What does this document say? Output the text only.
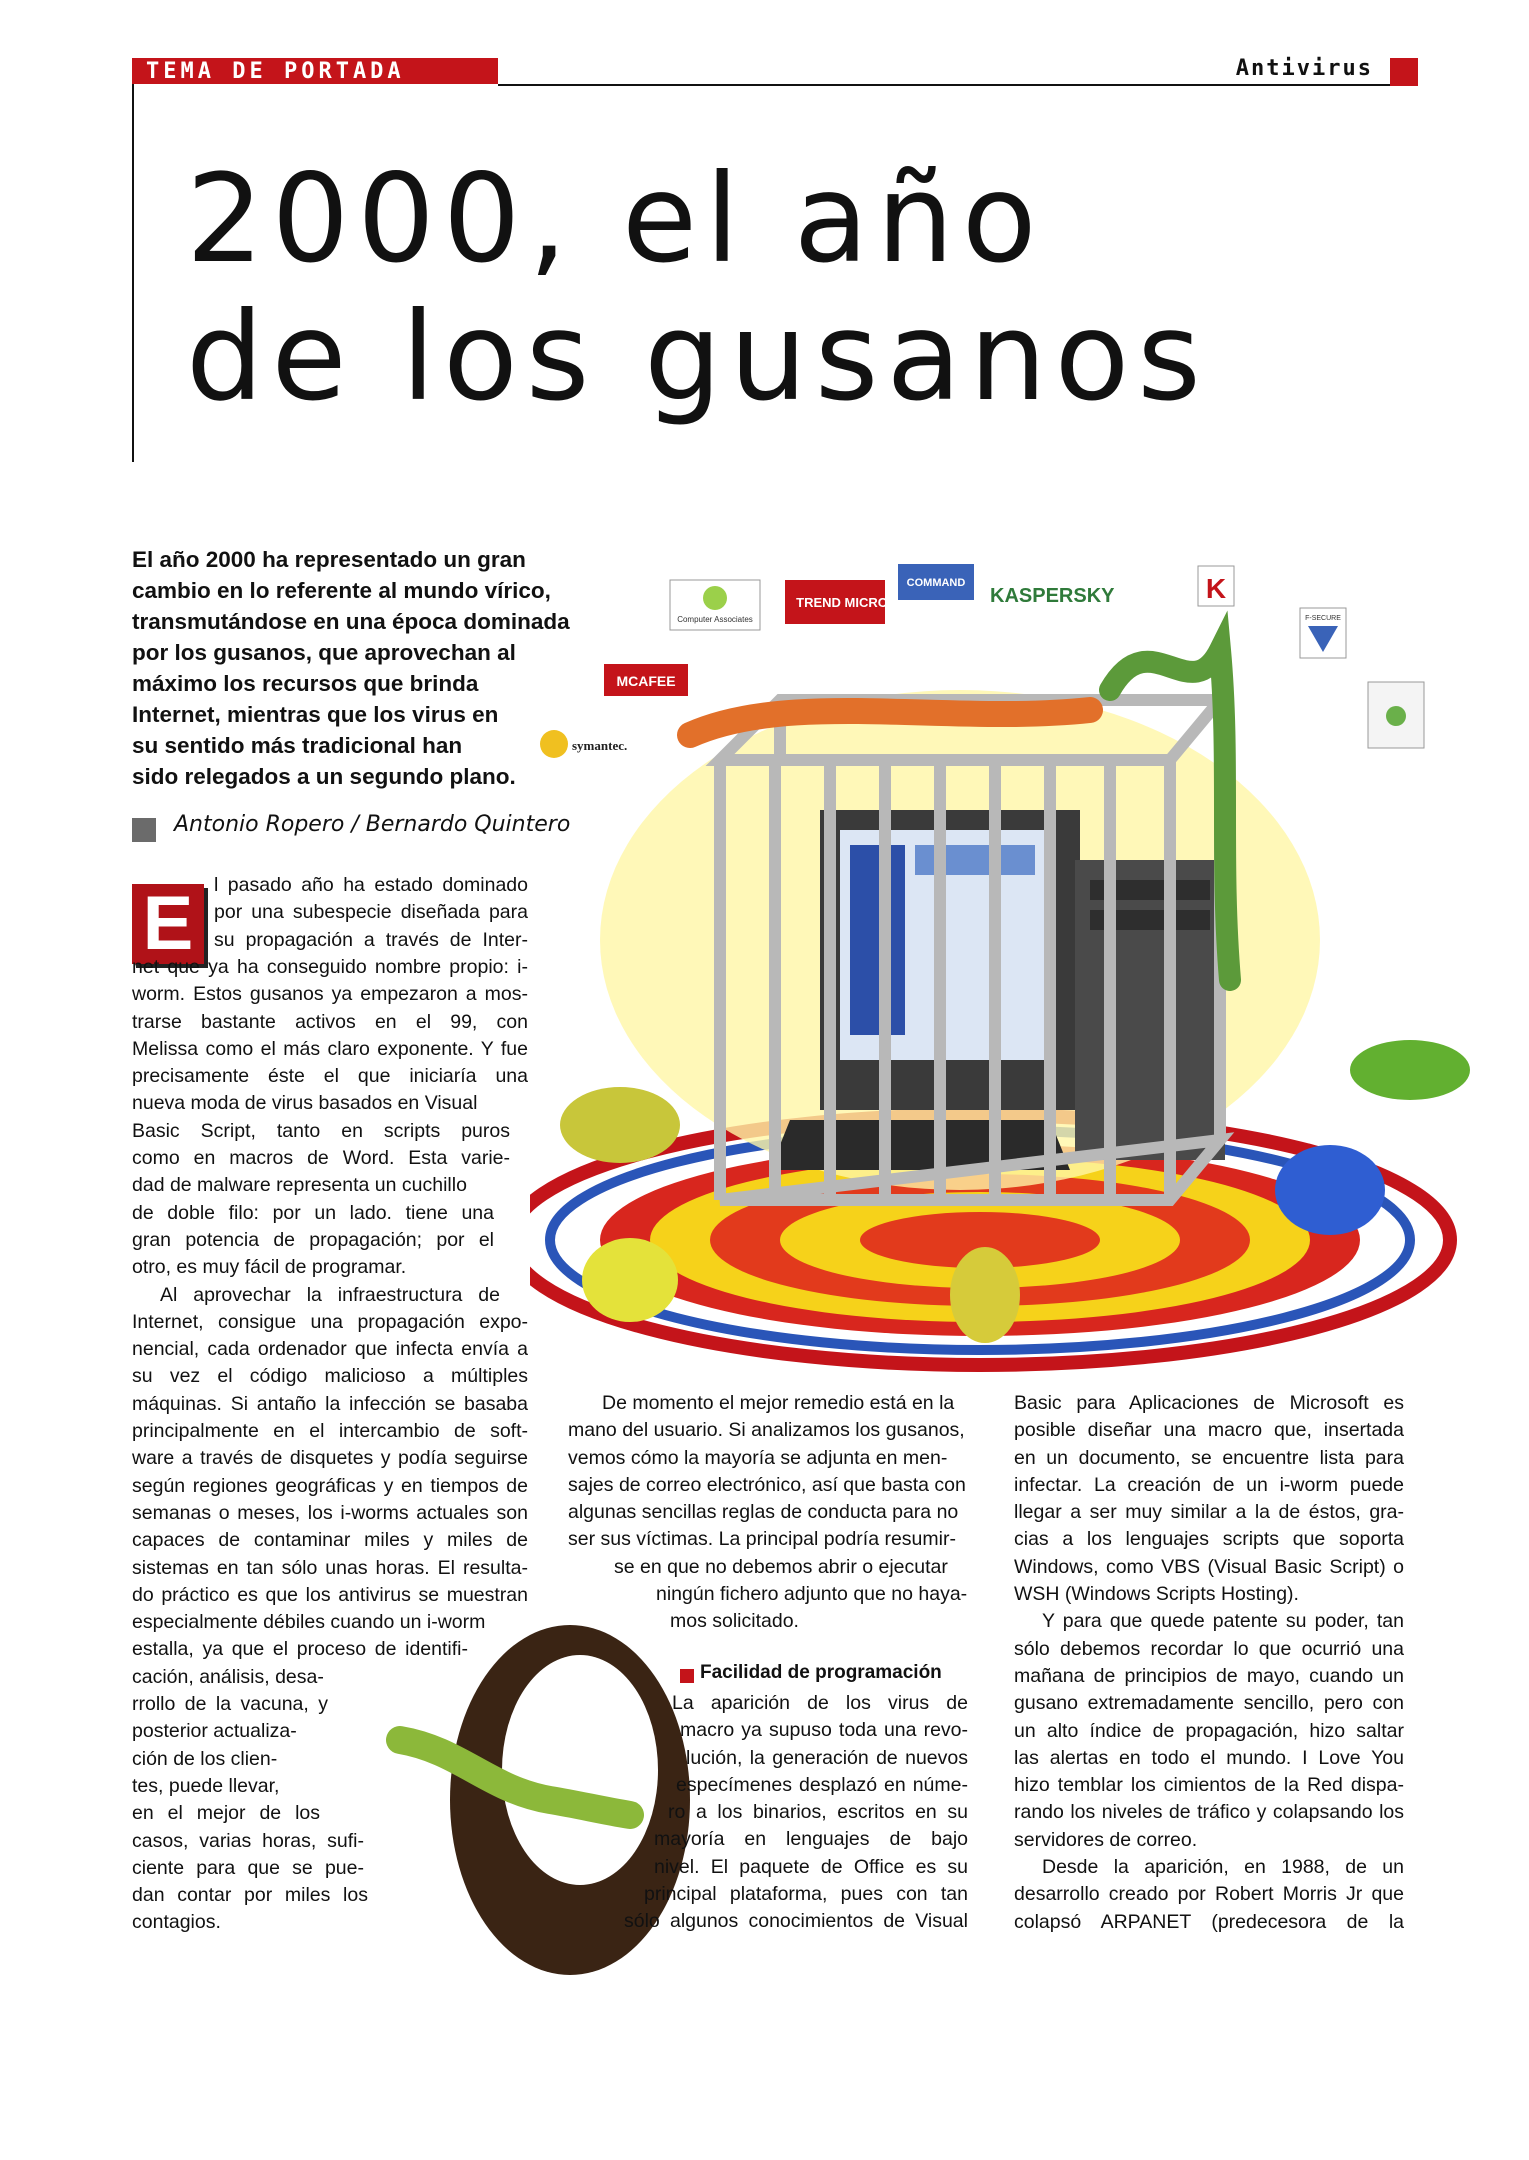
TEMA DE PORTADA	Antivirus
2000, el año
de los gusanos
El año 2000 ha representado un gran
cambio en lo referente al mundo vírico,
transmutándose en una época dominada
por los gusanos, que aprovechan al
máximo los recursos que brinda
Internet, mientras que los virus en
su sentido más tradicional han
sido relegados a un segundo plano.
Antonio Ropero / Bernardo Quintero
Computer Associates
TREND MICRO
COMMAND
KASPERSKY	K
F-SECURE
MCAFEE
symantec.
E	l pasado año ha estado dominado
por una subespecie diseñada para
su propagación a través de Inter-
net que ya ha conseguido nombre propio: i-
worm. Estos gusanos ya empezaron a mos-
trarse bastante activos en el 99, con
Melissa como el más claro exponente. Y fue
precisamente éste el que iniciaría una
nueva moda de virus basados en Visual
Basic Script, tanto en scripts puros
como en macros de Word. Esta varie-
dad de malware representa un cuchillo
de doble filo: por un lado. tiene una
gran potencia de propagación; por el
otro, es muy fácil de programar.
Al aprovechar la infraestructura de
Internet, consigue una propagación expo-
nencial, cada ordenador que infecta envía a
su vez el código malicioso a múltiples
máquinas. Si antaño la infección se basaba
principalmente en el intercambio de soft-
ware a través de disquetes y podía seguirse
según regiones geográficas y en tiempos de
semanas o meses, los i-worms actuales son
capaces de contaminar miles y miles de
sistemas en tan sólo unas horas. El resulta-
do práctico es que los antivirus se muestran
especialmente débiles cuando un i-worm
estalla, ya que el proceso de identifi-
cación, análisis, desa-
rrollo de la vacuna, y
posterior actualiza-
ción de los clien-
tes, puede llevar,
en el mejor de los
casos, varias horas, sufi-
ciente para que se pue-
dan contar por miles los
contagios.
De momento el mejor remedio está en la
mano del usuario. Si analizamos los gusanos,
vemos cómo la mayoría se adjunta en men-
sajes de correo electrónico, así que basta con
algunas sencillas reglas de conducta para no
ser sus víctimas. La principal podría resumir-
se en que no debemos abrir o ejecutar
ningún fichero adjunto que no haya-
mos solicitado.
Facilidad de programación
La aparición de los virus de
macro ya supuso toda una revo-
lución, la generación de nuevos
especímenes desplazó en núme-
ro a los binarios, escritos en su
mayoría en lenguajes de bajo
nivel. El paquete de Office es su
principal plataforma, pues con tan
sólo algunos conocimientos de Visual
Basic para Aplicaciones de Microsoft es
posible diseñar una macro que, insertada
en un documento, se encuentre lista para
infectar. La creación de un i-worm puede
llegar a ser muy similar a la de éstos, gra-
cias a los lenguajes scripts que soporta
Windows, como VBS (Visual Basic Script) o
WSH (Windows Scripts Hosting).
Y para que quede patente su poder, tan
sólo debemos recordar lo que ocurrió una
mañana de principios de mayo, cuando un
gusano extremadamente sencillo, pero con
un alto índice de propagación, hizo saltar
las alertas en todo el mundo. I Love You
hizo temblar los cimientos de la Red dispa-
rando los niveles de tráfico y colapsando los
servidores de correo.
Desde la aparición, en 1988, de un
desarrollo creado por Robert Morris Jr que
colapsó ARPANET (predecesora de la
